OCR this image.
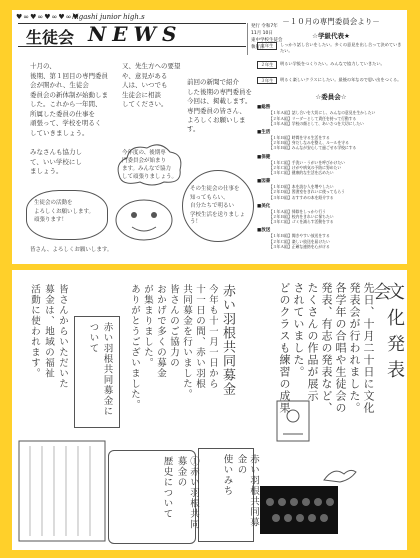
♥∞♥∞♥∞♥∞♥
higashi junior high.s
生徒会 NEWS	発行 令和7年
11月 10日
東中学校生徒会
執行部

十月の、

後期、第１回目の専門委員

会が開かれ、生徒会

委員会の新体制が始動しま

した。これから一年間、

所属した委員の仕事を

頑張って、学校を明るく

していきましょう。

又、先生方への要望

や、意見がある

人は、いつでも

生徒会に相談

してください。

前回の新聞で紹介

した後期の専門委員を

今回は、掲載します。

専門委員の皆さん、

よろしくお願いします。

今年度の、後期専

門委員会が始まり

ます。みんなで協力

して頑張りましょう。

みなさんも協力し

て、いい学校にし

ましょう。

生徒会の活動を

よろしくお願いします。

頑張ります！

その生徒会の仕事を

知ってもらい、

自分たちで明るい

学校生活を送りましょう！

皆さん、よろしくお願いします。

－１０月の専門委員会より－
☆学級代表★
１年生	しっかり話し合いをしたい。多くの意見を出し合って決めていきたい。
２年生	明るい学級をつくりたい。みんなで協力していきたい。
３年生	明るく楽しいクラスにしたい。最後の年なので思い出をつくる。
☆委員会☆
■総務
【１年Ａ組】話し合いを大切にし、みんなの意見を生かしたい
【２年Ａ組】リーダーとして責任を持って行動する
【３年Ａ組】学校の顔として、あいさつを大切にしたい
■生活
【１年Ｂ組】時間を守る生活をする
【２年Ｂ組】身だしなみを整え、ルールを守る
【３年Ｂ組】みんなが安心して過ごせる学校にする
■保健
【１年Ｃ組】手洗い・うがいを呼びかけたい
【２年Ｃ組】けがや病気の予防に努めたい
【３年Ｃ組】健康的な生活を広めたい
■図書
【１年Ｄ組】本を読む人を増やしたい
【２年Ｄ組】図書室をきれいに使ってもらう
【３年Ｄ組】おすすめの本を紹介する
■美化
【１年Ａ組】掃除をしっかり行う
【２年Ｂ組】校内をきれいに保ちたい
【３年Ｃ組】ゴミを減らす活動をする
■放送
【１年Ｂ組】聞きやすい放送をする
【２年Ｃ組】楽しい放送を届けたい
【３年Ａ組】正確な連絡を心がける
文化発表会
先日、十月二十日に文化
発表会が行われました。
各学年の合唱や生徒会の
発表、有志の発表など、
たくさんの作品が展示
されていました。
どのクラスも練習の成果
赤い羽根共同募金の
使いみち
赤い羽根共同募金
今年も十一月一日から
十一日の間、赤い羽根
共同募金を行いました。
皆さんのご協力の
おかげで多くの募金
が集まりました。
ありがとうございました。
赤い羽根共同募金に
ついて
①赤い羽根共同募金の
歴史について
皆さんからいただいた
募金は、地域の福祉
活動に使われます。
